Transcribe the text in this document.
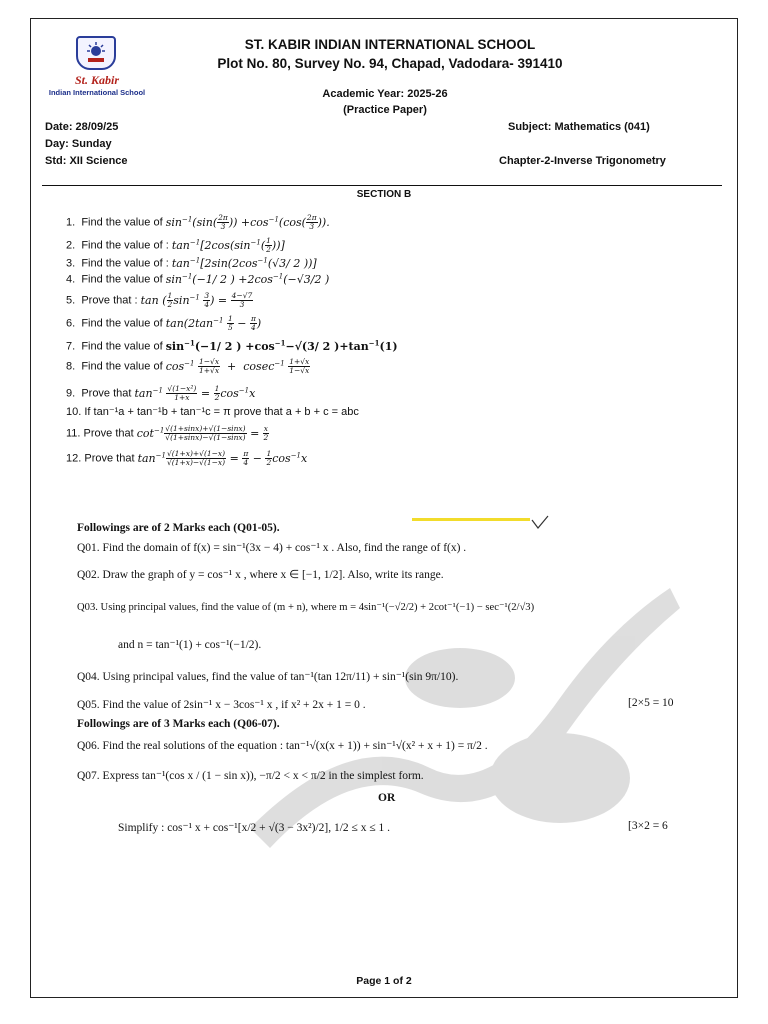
St. Kabir
Indian International School
ST. KABIR INDIAN INTERNATIONAL SCHOOL
Plot No. 80, Survey No. 94, Chapad, Vadodara- 391410
Academic Year: 2025-26
(Practice Paper)
Date: 28/09/25
Day: Sunday
Std: XII Science
Subject: Mathematics (041)
Chapter-2-Inverse Trigonometry
SECTION B
1. Find the value of $\sin^{-1}(\sin( \frac{2\pi}{3}$ )) $+\cos^{-1}(\cos( \frac{2\pi}{3}$ )).
2. Find the value of : $\tan^{-1}[2\cos(\sin^{-1}( \frac{1}{2}$ ))]
3. Find the value of : $\tan^{-1}[2\sin(2\cos^{-1}(√3/$ 2 ))]
4. Find the value of $\sin^{-1}(-1/$ 2 ) $+2\cos^{-1}(-√3/2$ )
5. Prove that : tan ( $\frac{1}{2} \sin^{-1} \frac{3}{4}$ ) = $\frac{4-√7}{3}$
6. Find the value of $\tan(2\tan^{-1} \frac{1}{5} - \frac{\pi}{4}$ )
7. Find the value of $\sin^{-1}(-1/$ 2 ) $+\cos^{-1}-√(3/$ 2 )$+\tan^{-1}(1)$
8. Find the value of $\cos^{-1} \frac{1-√x}{1+√x} + cosec^{-1} \frac{1+√x}{1-√x}$
9. Prove that $\tan^{-1} \frac{\text{√(1−x²)}}{1+x} = \frac{1}{2} \cos^{-1}x$
10. If tan⁻¹a + tan⁻¹b + tan⁻¹c = π prove that a + b + c = abc
11. Prove that $\cot^{-1} \frac{√(1+\sin x)+√(1-\sin x)}{√(1+\sin x)-√(1-\sin x)} = \frac{x}{2}$
12. Prove that $\tan^{-1} \frac{√(1+x)+√(1-x)}{√(1+x)-√(1-x)} = \frac{\pi}{4} - \frac{1}{2} \cos^{-1}x$
Followings are of 2 Marks each (Q01-05).
Q01. Find the domain of f(x) = sin⁻¹(3x − 4) + cos⁻¹ x . Also, find the range of f(x) .
Q02. Draw the graph of y = cos⁻¹ x , where x ∈ [−1, 1/2]. Also, write its range.
Q03. Using principal values, find the value of (m + n), where m = 4sin⁻¹(−√2/2) + 2cot⁻¹(−1) − sec⁻¹(2/√3)
and n = tan⁻¹(1) + cos⁻¹(−1/2).
Q04. Using principal values, find the value of tan⁻¹(tan 12π/11) + sin⁻¹(sin 9π/10).
Q05. Find the value of 2sin⁻¹ x − 3cos⁻¹ x , if x² + 2x + 1 = 0 .	[2×5 = 10
Followings are of 3 Marks each (Q06-07).
Q06. Find the real solutions of the equation : tan⁻¹√(x(x + 1)) + sin⁻¹√(x² + x + 1) = π/2 .
Q07. Express tan⁻¹(cos x / (1 − sin x)), −π/2 < x < π/2 in the simplest form.
OR
Simplify : cos⁻¹ x + cos⁻¹[x/2 + √(3 − 3x²)/2], 1/2 ≤ x ≤ 1 .	[3×2 = 6
Page 1 of 2
